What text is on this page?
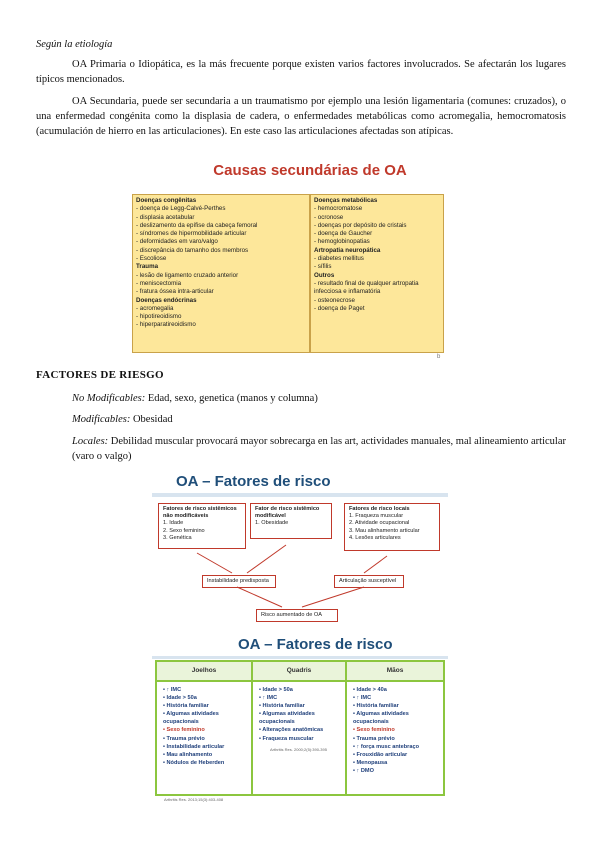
Según la etiología
OA Primaria o Idiopática, es la más frecuente porque existen varios factores involucrados. Se afectarán los lugares típicos mencionados.
OA Secundaria, puede ser secundaria a un traumatismo por ejemplo una lesión ligamentaria (comunes: cruzados), o una enfermedad congénita como la displasia de cadera, o enfermedades metabólicas como acromegalia, hemocromatosis (acumulación de hierro en las articulaciones). En este caso las articulaciones afectadas son atípicas.
Causas secundárias de OA
Doenças congênitas
- doença de Legg-Calvé-Perthes
- displasia acetabular
- deslizamento da epífise da cabeça femoral
- síndromes de hipermobilidade articular
- deformidades em varo/valgo
- discrepância do tamanho dos membros
- Escoliose
Trauma
- lesão de ligamento cruzado anterior
- meniscectomia
- fratura óssea intra-articular
Doenças endócrinas
- acromegalia
- hipotireoidismo
- hiperparatireoidismo
Doenças metabólicas
- hemocromatose
- ocronose
- doenças por depósito de cristais
- doença de Gaucher
- hemoglobinopatias
Artropatia neuropática
- diabetes mellitus
- sífilis
Outros
- resultado final de qualquer artropatia infecciosa e inflamatória
- osteonecrose
- doença de Paget
b
FACTORES DE RIESGO
No Modificables: Edad, sexo, genetica (manos y columna)
Modificables: Obesidad
Locales: Debilidad muscular provocará mayor sobrecarga en las art, actividades manuales, mal alineamiento articular (varo o valgo)
OA – Fatores de risco
Fatores de risco sistêmicos não modificáveis
1. Idade
2. Sexo feminino
3. Genética
Fator de risco sistêmico modificável
1. Obesidade
Fatores de risco locais
1. Fraqueza muscular
2. Atividade ocupacional
3. Mau alinhamento articular
4. Lesões articulares
Instabilidade predisposta	Articulação susceptível
Risco aumentado de OA
OA – Fatores de risco
Joelhos
• ↑ IMC
• Idade > 50a
• História familiar
• Algumas atividades ocupacionais
• Sexo feminino
• Trauma prévio
• Instabilidade articular
• Mau alinhamento
• Nódulos de Heberden
Quadris
• Idade > 50a
• ↑ IMC
• História familiar
• Algumas atividades ocupacionais
• Alterações anatômicas
• Fraqueza muscular
Mãos
• Idade > 40a
• ↑ IMC
• História familiar
• Algumas atividades ocupacionais
• Sexo feminino
• Trauma prévio
• ↑ força musc antebraço
• Frouxidão articular
• Menopausa
• ↑ DMO
Arthritis Res. 2000;2(5):390-395
Arthritis Res. 2013;15(3):403-408
